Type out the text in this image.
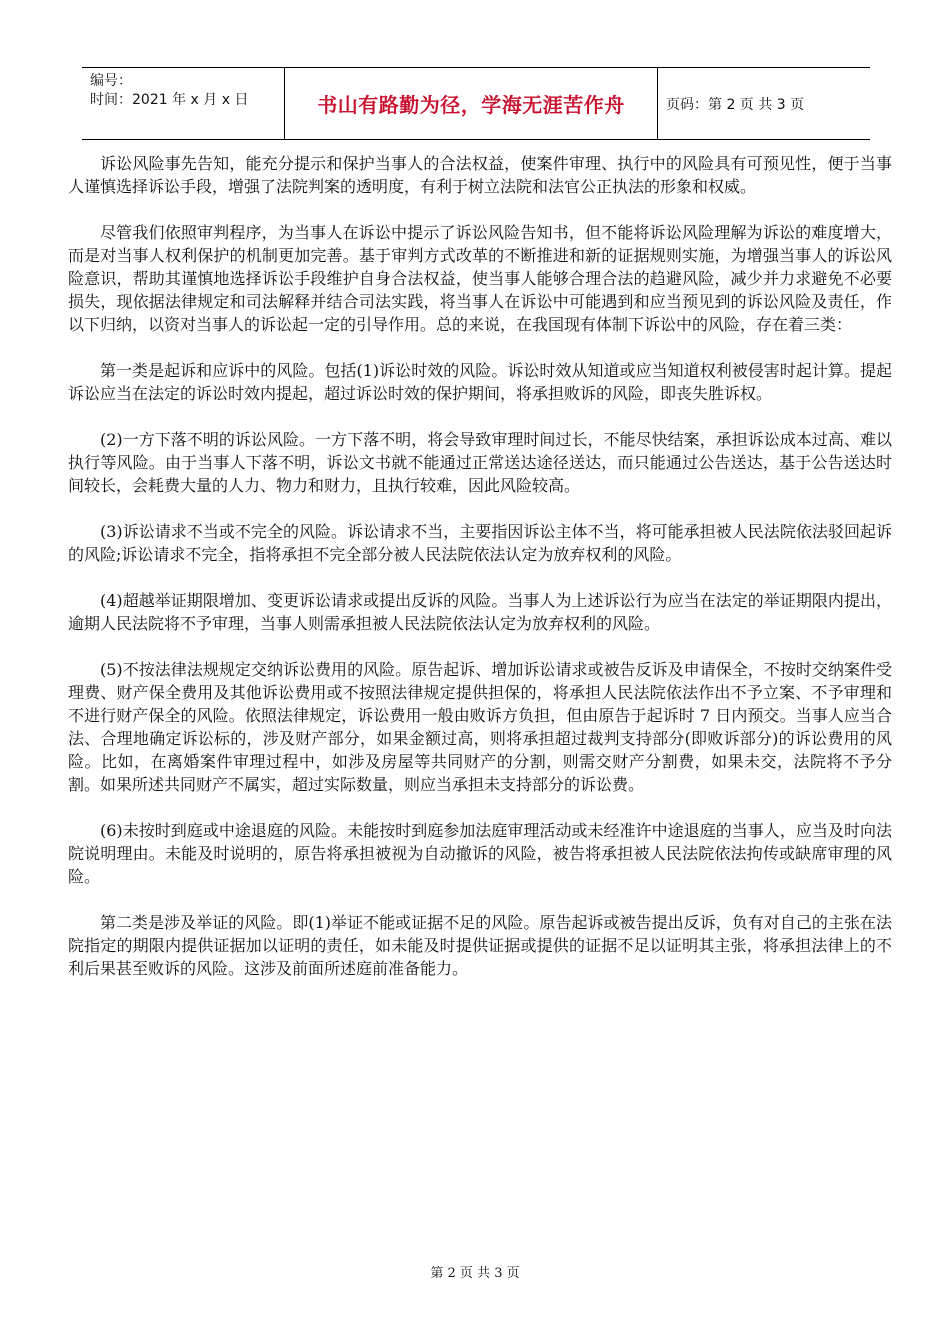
编号：
时间：2021 年 x 月 x 日	书山有路勤为径，学海无涯苦作舟	页码：第 2 页 共 3 页

诉讼风险事先告知，能充分提示和保护当事人的合法权益，使案件审理、执行中的风险具有可预见性，便于当事人谨慎选择诉讼手段，增强了法院判案的透明度，有利于树立法院和法官公正执法的形象和权威。

尽管我们依照审判程序，为当事人在诉讼中提示了诉讼风险告知书，但不能将诉讼风险理解为诉讼的难度增大，而是对当事人权利保护的机制更加完善。基于审判方式改革的不断推进和新的证据规则实施，为增强当事人的诉讼风险意识，帮助其谨慎地选择诉讼手段维护自身合法权益，使当事人能够合理合法的趋避风险，减少并力求避免不必要损失，现依据法律规定和司法解释并结合司法实践，将当事人在诉讼中可能遇到和应当预见到的诉讼风险及责任，作以下归纳，以资对当事人的诉讼起一定的引导作用。总的来说，在我国现有体制下诉讼中的风险，存在着三类：

第一类是起诉和应诉中的风险。包括(1)诉讼时效的风险。诉讼时效从知道或应当知道权利被侵害时起计算。提起诉讼应当在法定的诉讼时效内提起，超过诉讼时效的保护期间，将承担败诉的风险，即丧失胜诉权。

(2)一方下落不明的诉讼风险。一方下落不明，将会导致审理时间过长，不能尽快结案，承担诉讼成本过高、难以执行等风险。由于当事人下落不明，诉讼文书就不能通过正常送达途径送达，而只能通过公告送达，基于公告送达时间较长，会耗费大量的人力、物力和财力，且执行较难，因此风险较高。

(3)诉讼请求不当或不完全的风险。诉讼请求不当，主要指因诉讼主体不当，将可能承担被人民法院依法驳回起诉的风险;诉讼请求不完全，指将承担不完全部分被人民法院依法认定为放弃权利的风险。

(4)超越举证期限增加、变更诉讼请求或提出反诉的风险。当事人为上述诉讼行为应当在法定的举证期限内提出，逾期人民法院将不予审理，当事人则需承担被人民法院依法认定为放弃权利的风险。

(5)不按法律法规规定交纳诉讼费用的风险。原告起诉、增加诉讼请求或被告反诉及申请保全，不按时交纳案件受理费、财产保全费用及其他诉讼费用或不按照法律规定提供担保的，将承担人民法院依法作出不予立案、不予审理和不进行财产保全的风险。依照法律规定，诉讼费用一般由败诉方负担，但由原告于起诉时 7 日内预交。当事人应当合法、合理地确定诉讼标的，涉及财产部分，如果金额过高，则将承担超过裁判支持部分(即败诉部分)的诉讼费用的风险。比如，在离婚案件审理过程中，如涉及房屋等共同财产的分割，则需交财产分割费，如果未交，法院将不予分割。如果所述共同财产不属实，超过实际数量，则应当承担未支持部分的诉讼费。

(6)未按时到庭或中途退庭的风险。未能按时到庭参加法庭审理活动或未经准许中途退庭的当事人，应当及时向法院说明理由。未能及时说明的，原告将承担被视为自动撤诉的风险，被告将承担被人民法院依法拘传或缺席审理的风险。

第二类是涉及举证的风险。即(1)举证不能或证据不足的风险。原告起诉或被告提出反诉，负有对自己的主张在法院指定的期限内提供证据加以证明的责任，如未能及时提供证据或提供的证据不足以证明其主张，将承担法律上的不利后果甚至败诉的风险。这涉及前面所述庭前准备能力。

第 2 页 共 3 页
